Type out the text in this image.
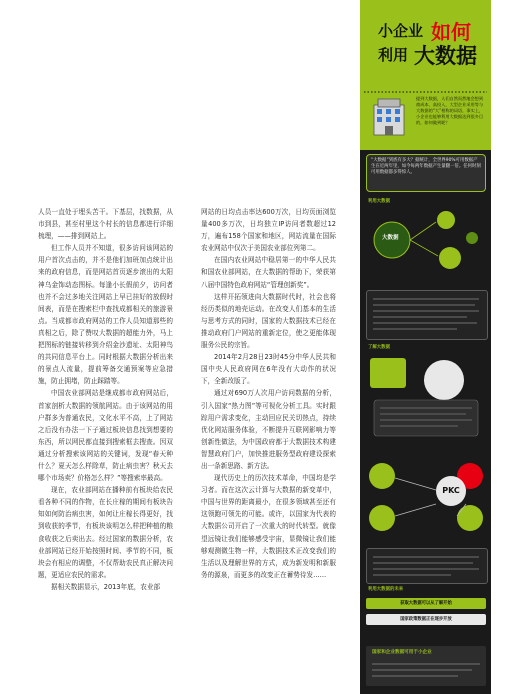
人员一直处于埋头苦干。下基层，找数据，从市到县，甚至村里这个村长的信息都进行详细梳理，——排到网站上。

但工作人员并不知道，很多访问该网站的用户首次点击的，并不是他们加班加点统计出来的政府信息，而是网站首页逐步滚出的太阳神乌金饰动态图标。每逢小长假前夕，访问者也并不会过多地关注网站上早已挂好的放假时间表，而是在搜索栏中查找成都相关的旅游景点。当成都市政府网站的工作人员知道那些的真相之后，除了赞叹大数据的超能力外，马上把图标的链接转移到介绍金沙遗址、太阳神鸟的共同信息平台上。同时根据大数据分析出来的景点人流量，提前筹备交通预案等应急措施，防止拥堵，防止踩踏等。

中国农业部网站是继成都市政府网站后，首家剖析大数据的领航网站。由于该网站的用户群多为普通农民，文化水平不高，上了网站之后没有办法一下子通过板块信息找到想要的东西，所以网民都直接到搜索框去搜查。因双通过分析搜索该网站的关键词，发现“春天种什么？夏天怎么样除草，防止病虫害？秋天去哪个市场卖？价格怎么样？”等搜索率最高。

现在，农业部网站在播种前有板块给农民看各种不同的作物，在长庄稼的期间有板块告知如何防治病虫害，如何让庄稼长得更好，找到收获的季节，有板块该明怎么样把种植的粮食收获之后卖出去。经过国家的数据分析，农业部网站已经开始按照时间、季节的不同，板块会有相应的调整，不仅帮助农民真正解决问题，更适应农民的需求。

据相关数据显示，2013年底，农业部

网站的日均点击率达600万次，日均页面浏览量400多万次，日均独立IP访问者数超过12万，遍布158个国家和地区，网站流量在国际农业网站中仅次于美国农业部位列第二。

在国内农业网站中稳居第一的中华人民共和国农业部网站，在大数据的帮助下，荣获第八届中国特色政府网站“管理创新奖”。

这样开拓领进向大数据时代时，社会也将经历类似的地壳运动。在改变人们基本的生活与思考方式的同时，国家的大数据技术已经在推动政府门户网站的重新定位，使之更能体现服务公民的宗旨。

2014年2月28日23时45分中华人民共和国中央人民政府网在6年没有大动作的状况下，全新改版了。

通过对690万人次用户访问数据的分析，引入国家“热力图”等可视化分析工具。实时跟踪用户需求变化，主动回应民关切热点，持续优化网站服务体验，不断提升互联网影响力等创新性做法，为中国政府都于大数据技术构建智慧政府门户，加快推进服务型政府建设探索出一条新思路、新方法。

现代历史上的历次技术革命，中国均是学习者。而在这次云计算与大数据的新变革中，中国与世界的距离最小，在很多领域甚至还有这领跑可领先的可能。或许，以国家为代表的大数据公司开启了一次重大的时代转型。就像望远镜让我们能够感受宇宙，显微镜让我们能够观测微生物一样，大数据技术正改变我们的生活以及理解世界的方式，成为新发明和新服务的源泉，而更多的改变正在蓄势待发……

小企业 如何
利用 大数据
提到大数据，人们自然而然地会想到商成本、高投入，大型企业采用等与大数据的“大”相称的词语，事实上，小企业也能够利用大数据达到很多目的，如何做到呢？
“大数据”到底有多大？据统计，全世界90%可用数据产生在近两年里，如今每两年数据产生量翻一倍。任何时刻可用数据都多得惊人。
利用大数据
大数据
了解大数据
PKC
利用大数据的未来
获取大数据可以从了解开始
国家政策数据正在逐步开放
国家和企业数据可用于小企业
